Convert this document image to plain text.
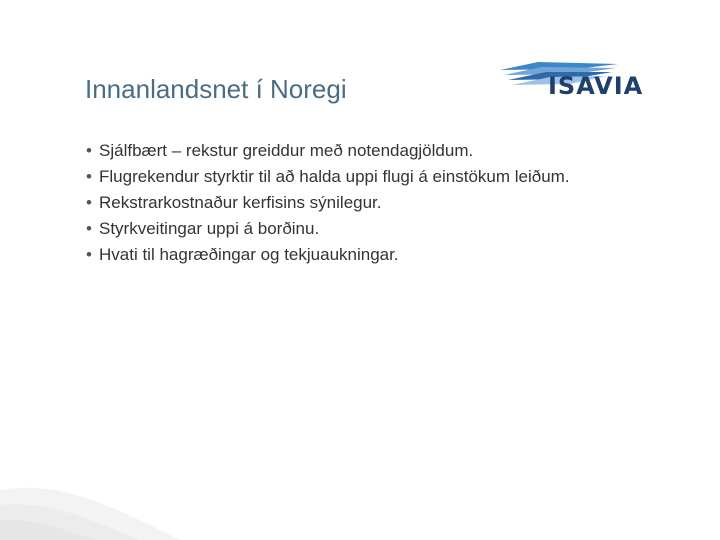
Innanlandsnet í Noregi	ISAVIA
• Sjálfbært – rekstur greiddur með notendagjöldum.
• Flugrekendur styrktir til að halda uppi flugi á einstökum leiðum.
• Rekstrarkostnaður kerfisins sýnilegur.
• Styrkveitingar uppi á borðinu.
• Hvati til hagræðingar og tekjuaukningar.
